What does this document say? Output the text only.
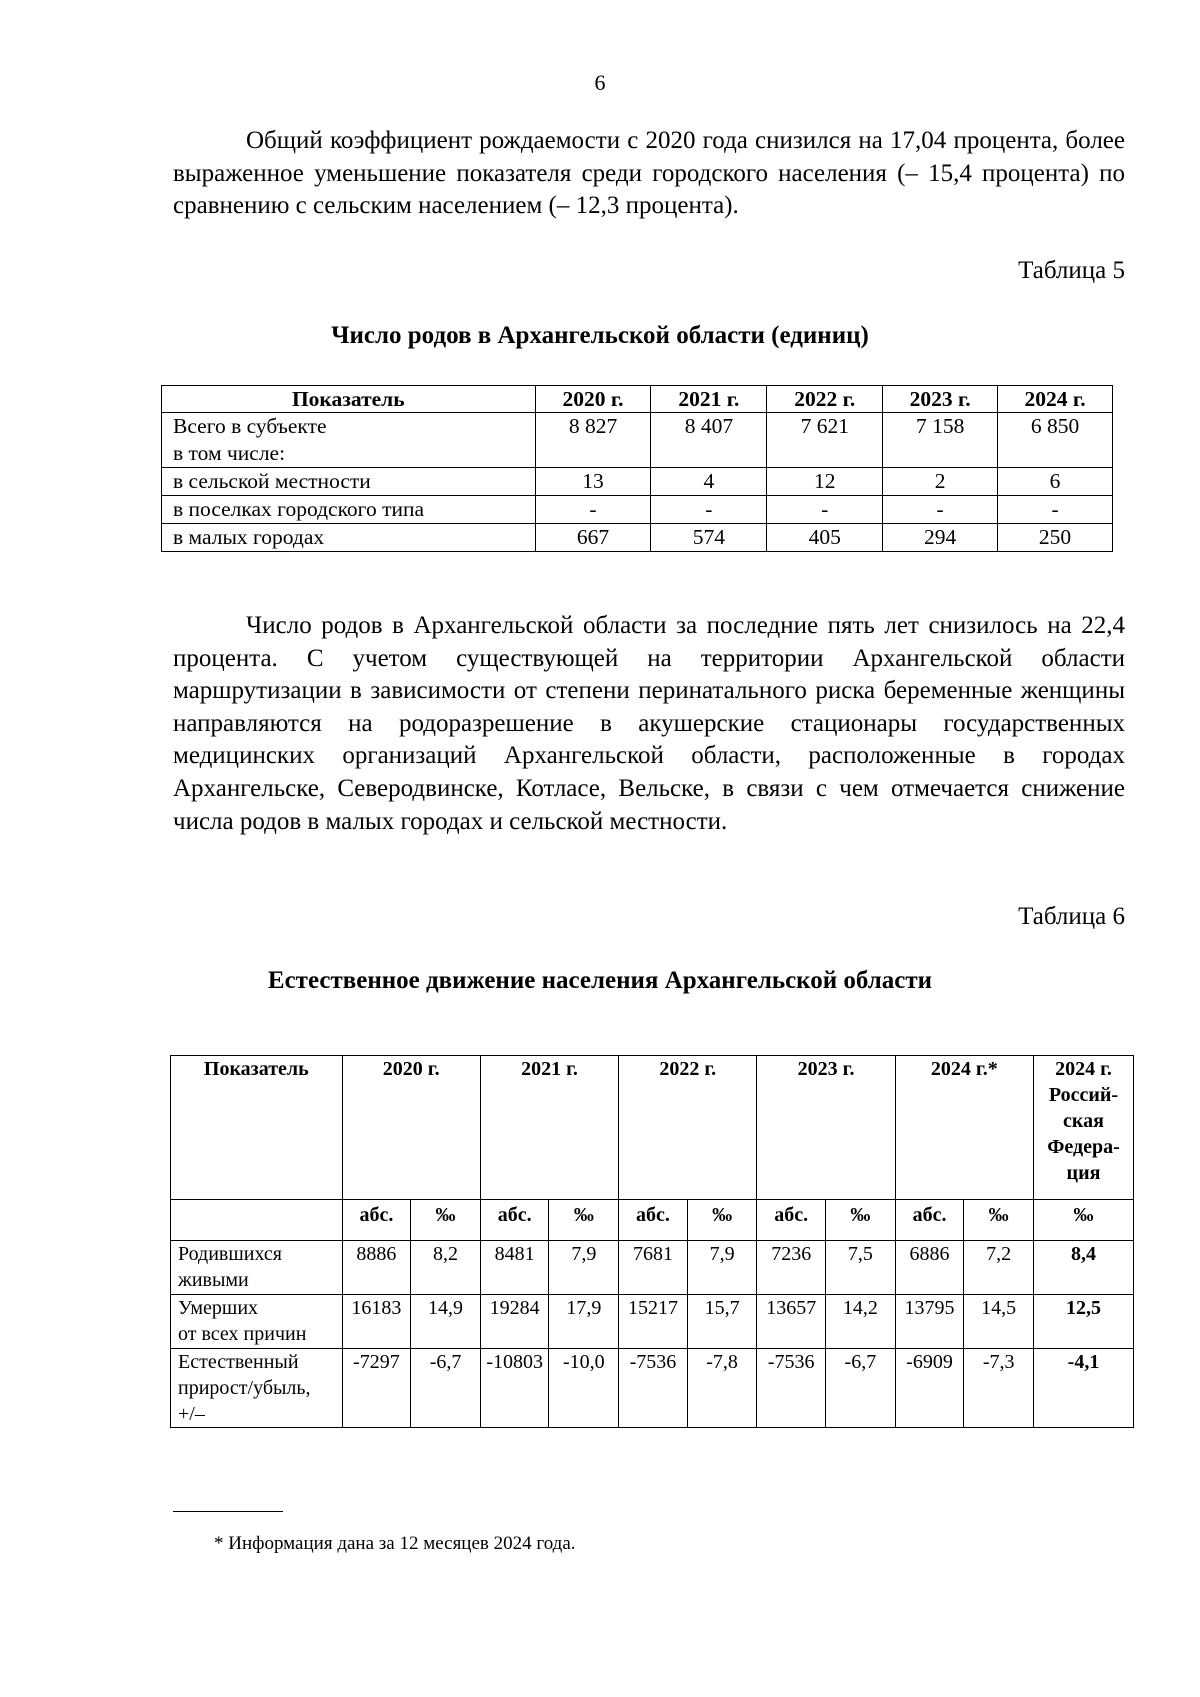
6

Общий коэффициент рождаемости с 2020 года снизился на 17,04 процента, более выраженное уменьшение показателя среди городского населения (– 15,4 процента) по сравнению с сельским населением (– 12,3 процента).

Таблица 5
Число родов в Архангельской области (единиц)
Показатель	2020 г.	2021 г.	2022 г.	2023 г.	2024 г.

Всего в субъекте
в том числе:	8 827	8 407	7 621	7 158	6 850
в сельской местности	13	4	12	2	6
в поселках городского типа	-	-	-	-	-
в малых городах	667	574	405	294	250

Число родов в Архангельской области за последние пять лет снизилось на 22,4 процента. С учетом существующей на территории Архангельской области маршрутизации в зависимости от степени перинатального риска беременные женщины направляются на родоразрешение в акушерские стационары государственных медицинских организаций Архангельской области, расположенные в городах Архангельске, Северодвинске, Котласе, Вельске, в связи с чем отмечается снижение числа родов в малых городах и сельской местности.

Таблица 6
Естественное движение населения Архангельской области
Показатель	2020 г.		2021 г.		2022 г.		2023 г.		2024 г.*		2024 г.
Россий-
ская
Федера-
ция

	абс.	‰	абс.	‰	абс.	‰	абс.	‰	абс.	‰	‰

Родившихся
живыми	8886	8,2	8481	7,9	7681	7,9	7236	7,5	6886	7,2	8,4

Умерших
от всех причин	16183	14,9	19284	17,9	15217	15,7	13657	14,2	13795	14,5	12,5

Естественный
прирост/убыль,
+/–	-7297	-6,7	-10803	-10,0	-7536	-7,8	-7536	-6,7	-6909	-7,3	-4,1
* Информация дана за 12 месяцев 2024 года.
